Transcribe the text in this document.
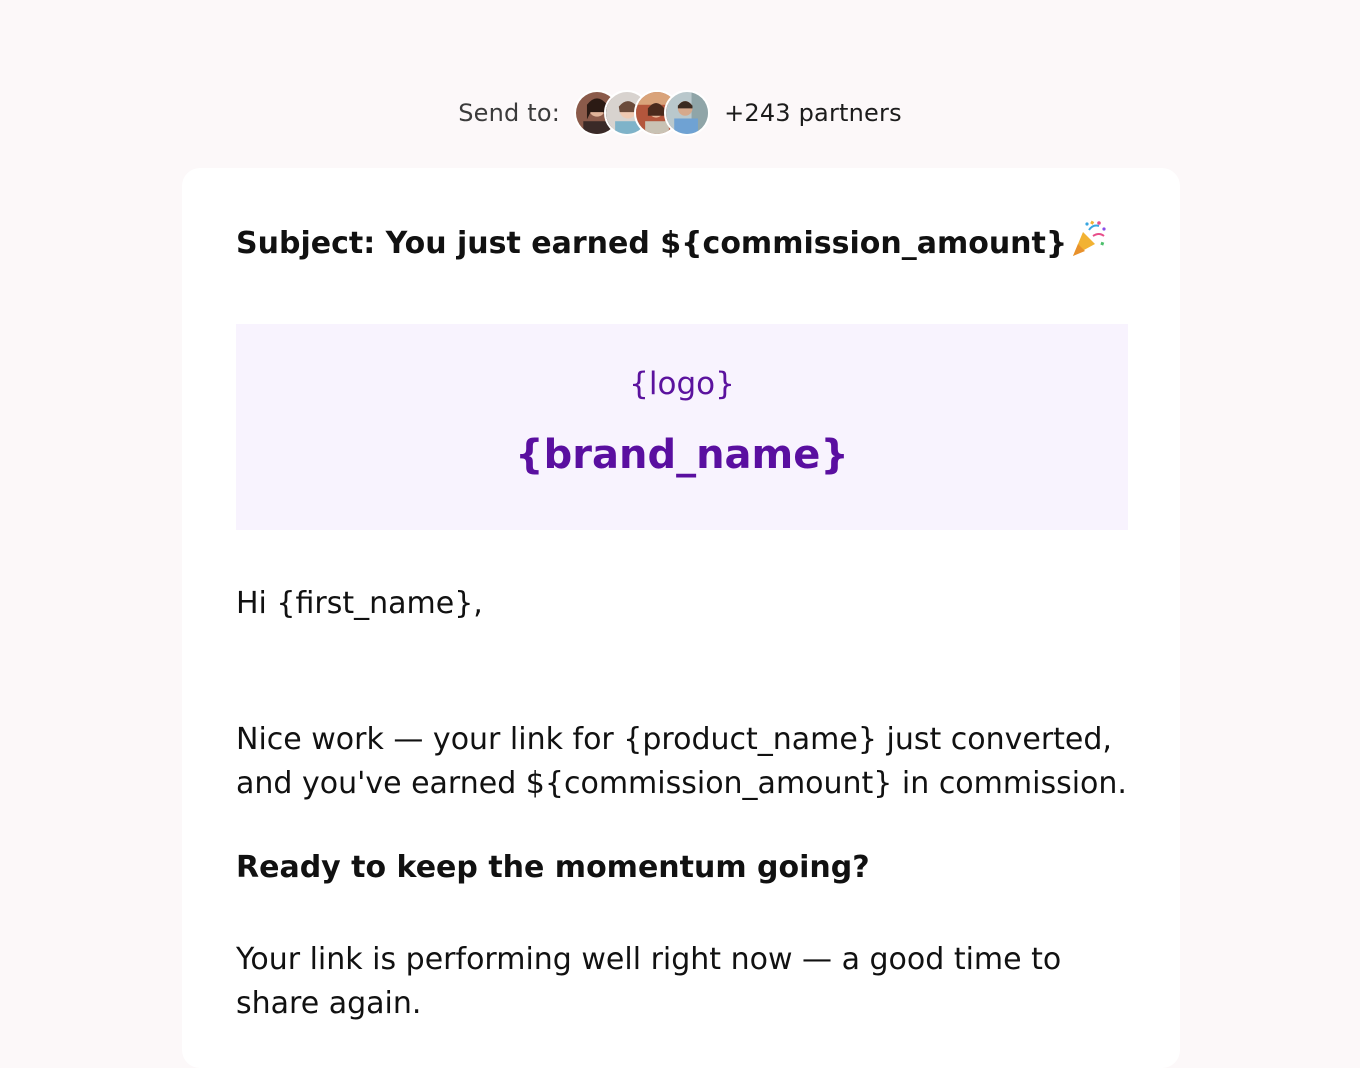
Send to:	+243 partners
Subject: You just earned ${commission_amount}
{logo}
{brand_name}
Hi {first_name},
Nice work — your link for {product_name} just converted,
and you've earned ${commission_amount} in commission.
Ready to keep the momentum going?
Your link is performing well right now — a good time to share again.
